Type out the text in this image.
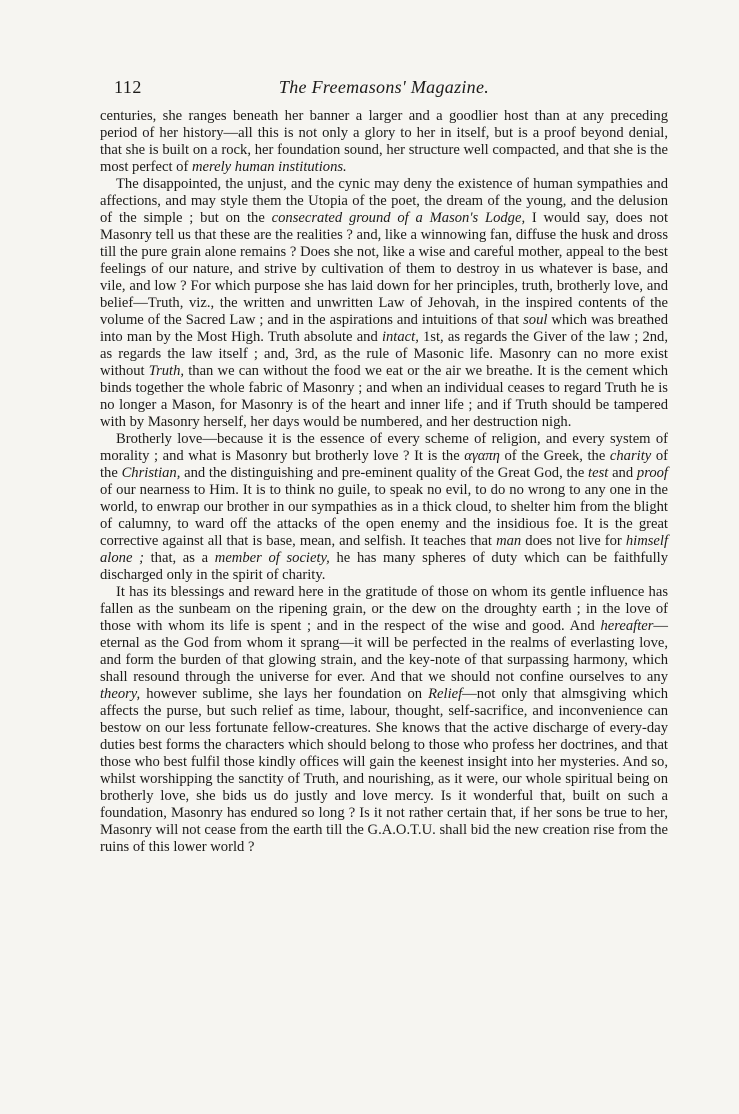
112	The Freemasons' Magazine.

centuries, she ranges beneath her banner a larger and a goodlier host than at any preceding period of her history—all this is not only a glory to her in itself, but is a proof beyond denial, that she is built on a rock, her foundation sound, her structure well compacted, and that she is the most perfect of merely human institutions.

The disappointed, the unjust, and the cynic may deny the existence of human sympathies and affections, and may style them the Utopia of the poet, the dream of the young, and the delusion of the simple ; but on the consecrated ground of a Mason's Lodge, I would say, does not Masonry tell us that these are the realities ? and, like a winnowing fan, diffuse the husk and dross till the pure grain alone remains ? Does she not, like a wise and careful mother, appeal to the best feelings of our nature, and strive by cultivation of them to destroy in us whatever is base, and vile, and low ? For which purpose she has laid down for her principles, truth, brotherly love, and belief—Truth, viz., the written and unwritten Law of Jehovah, in the inspired contents of the volume of the Sacred Law ; and in the aspirations and intuitions of that soul which was breathed into man by the Most High. Truth absolute and intact, 1st, as regards the Giver of the law ; 2nd, as regards the law itself ; and, 3rd, as the rule of Masonic life. Masonry can no more exist without Truth, than we can without the food we eat or the air we breathe. It is the cement which binds together the whole fabric of Masonry ; and when an individual ceases to regard Truth he is no longer a Mason, for Masonry is of the heart and inner life ; and if Truth should be tampered with by Masonry herself, her days would be numbered, and her destruction nigh.

Brotherly love—because it is the essence of every scheme of religion, and every system of morality ; and what is Masonry but brotherly love ? It is the αγαπη of the Greek, the charity of the Christian, and the distinguishing and pre-eminent quality of the Great God, the test and proof of our nearness to Him. It is to think no guile, to speak no evil, to do no wrong to any one in the world, to enwrap our brother in our sympathies as in a thick cloud, to shelter him from the blight of calumny, to ward off the attacks of the open enemy and the insidious foe. It is the great corrective against all that is base, mean, and selfish. It teaches that man does not live for himself alone ; that, as a member of society, he has many spheres of duty which can be faithfully discharged only in the spirit of charity.

It has its blessings and reward here in the gratitude of those on whom its gentle influence has fallen as the sunbeam on the ripening grain, or the dew on the droughty earth ; in the love of those with whom its life is spent ; and in the respect of the wise and good. And hereafter—eternal as the God from whom it sprang—it will be perfected in the realms of everlasting love, and form the burden of that glowing strain, and the key-note of that surpassing harmony, which shall resound through the universe for ever. And that we should not confine ourselves to any theory, however sublime, she lays her foundation on Relief—not only that almsgiving which affects the purse, but such relief as time, labour, thought, self-sacrifice, and inconvenience can bestow on our less fortunate fellow-creatures. She knows that the active discharge of every-day duties best forms the characters which should belong to those who profess her doctrines, and that those who best fulfil those kindly offices will gain the keenest insight into her mysteries. And so, whilst worshipping the sanctity of Truth, and nourishing, as it were, our whole spiritual being on brotherly love, she bids us do justly and love mercy. Is it wonderful that, built on such a foundation, Masonry has endured so long ? Is it not rather certain that, if her sons be true to her, Masonry will not cease from the earth till the G.A.O.T.U. shall bid the new creation rise from the ruins of this lower world ?
